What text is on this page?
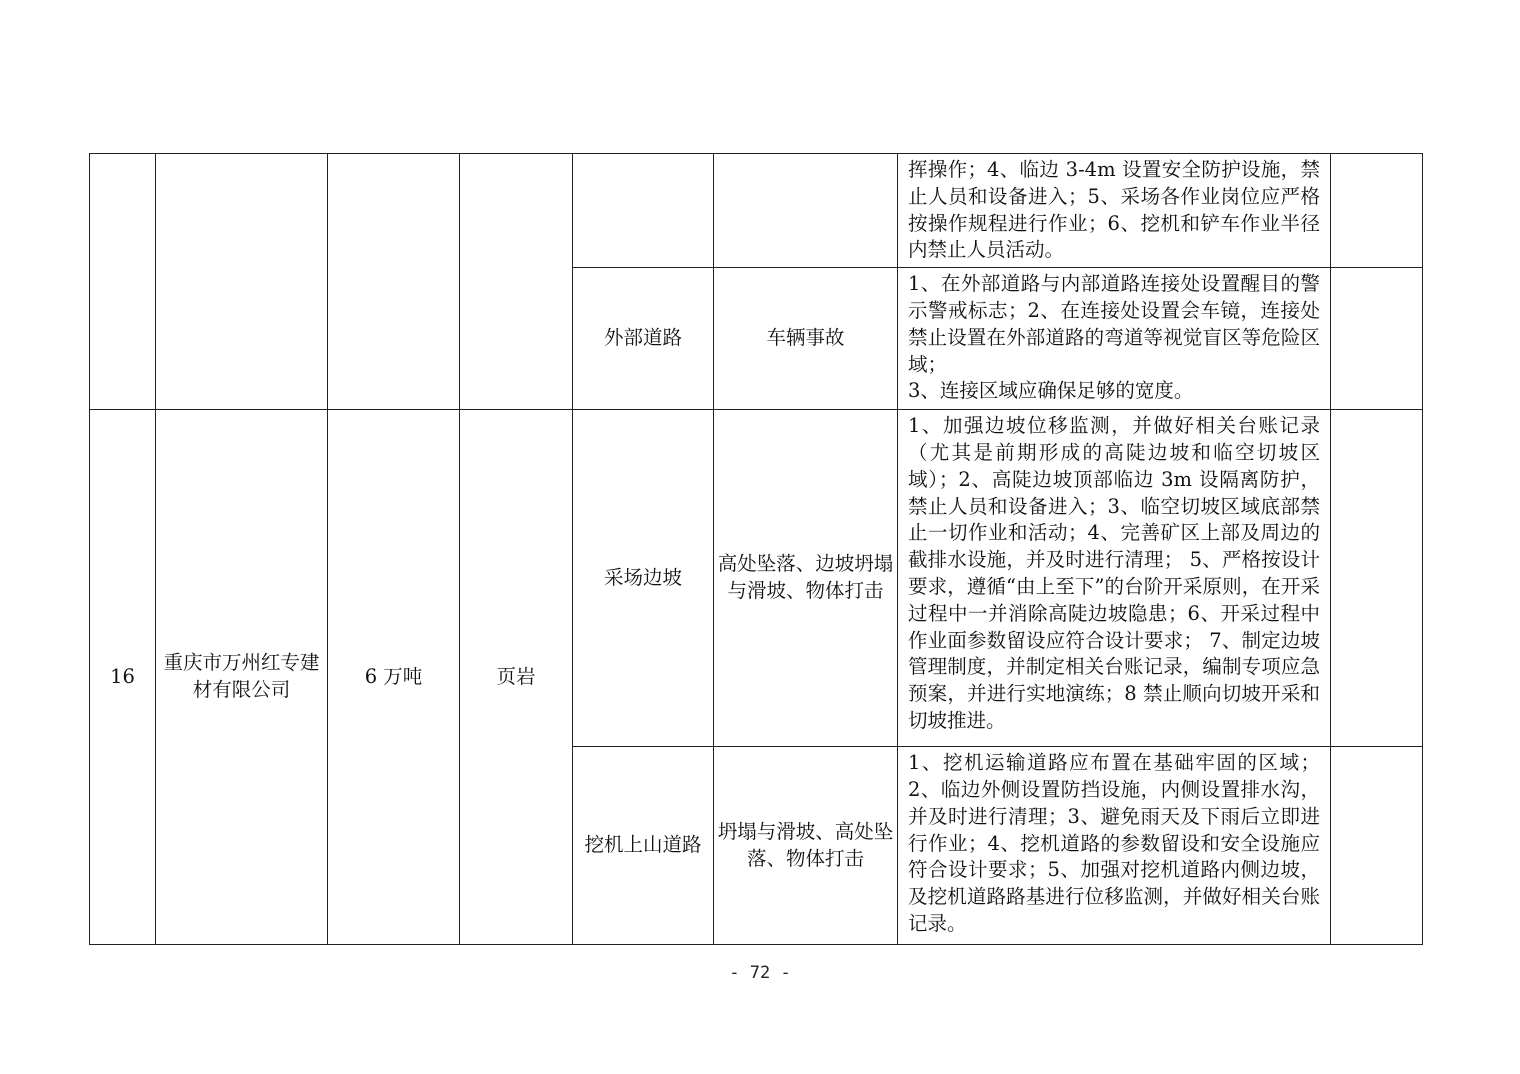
						挥操作；4、临边 3-4m 设置安全防护设施，禁止人员和设备进入；5、采场各作业岗位应严格按操作规程进行作业；6、挖机和铲车作业半径内禁止人员活动。	
				外部道路	车辆事故	1、在外部道路与内部道路连接处设置醒目的警示警戒标志；2、在连接处设置会车镜，连接处禁止设置在外部道路的弯道等视觉盲区等危险区域；
3、连接区域应确保足够的宽度。	
16	重庆市万州红专建材有限公司	6 万吨	页岩	采场边坡	高处坠落、边坡坍塌与滑坡、物体打击	1、加强边坡位移监测，并做好相关台账记录（尤其是前期形成的高陡边坡和临空切坡区域）；2、高陡边坡顶部临边 3m 设隔离防护，禁止人员和设备进入；3、临空切坡区域底部禁止一切作业和活动；4、完善矿区上部及周边的截排水设施，并及时进行清理； 5、严格按设计要求，遵循“由上至下”的台阶开采原则，在开采过程中一并消除高陡边坡隐患；6、开采过程中作业面参数留设应符合设计要求； 7、制定边坡管理制度，并制定相关台账记录，编制专项应急预案，并进行实地演练；8 禁止顺向切坡开采和切坡推进。	
				挖机上山道路	坍塌与滑坡、高处坠落、物体打击	1、挖机运输道路应布置在基础牢固的区域；2、临边外侧设置防挡设施，内侧设置排水沟，并及时进行清理；3、避免雨天及下雨后立即进行作业；4、挖机道路的参数留设和安全设施应符合设计要求；5、加强对挖机道路内侧边坡，及挖机道路路基进行位移监测，并做好相关台账记录。	
- 72 -
